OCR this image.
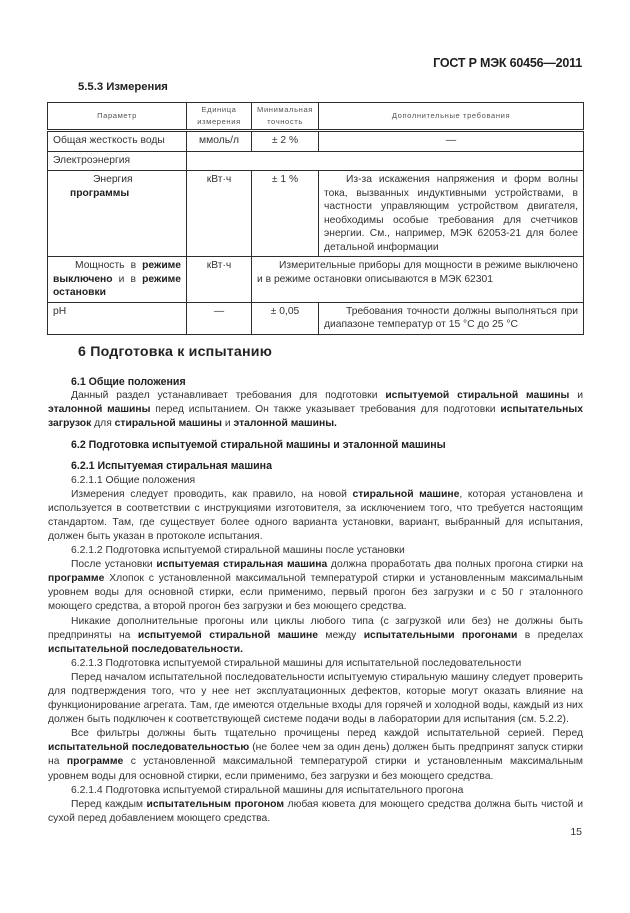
ГОСТ Р МЭК 60456—2011
5.5.3 Измерения
Параметр	Единица измерения	Минимальная точность	Дополнительные требования
Общая жесткость воды	ммоль/л	± 2 %	—
Электроэнергия			
Энергия программы	кВт·ч	± 1 %	Из-за искажения напряжения и форм волны тока, вызванных индуктивными устройствами, в частности управляющим устройством двигателя, необходимы особые требования для счетчиков энергии. См., например, МЭК 62053-21 для более детальной информации
Мощность в режиме выключено и в режиме остановки	кВт·ч	Измерительные приборы для мощности в режиме выключено и в режиме остановки описываются в МЭК 62301	
pH	—	± 0,05	Требования точности должны выполняться при диапазоне температур от 15 °С до 25 °С
6 Подготовка к испытанию

6.1 Общие положения

Данный раздел устанавливает требования для подготовки испытуемой стиральной машины и эталонной машины перед испытанием. Он также указывает требования для подготовки испытательных загрузок для стиральной машины и эталонной машины.

6.2 Подготовка испытуемой стиральной машины и эталонной машины

6.2.1 Испытуемая стиральная машина

6.2.1.1 Общие положения

Измерения следует проводить, как правило, на новой стиральной машине, которая установлена и используется в соответствии с инструкциями изготовителя, за исключением того, что требуется настоящим стандартом. Там, где существует более одного варианта установки, вариант, выбранный для испытания, должен быть указан в протоколе испытания.

6.2.1.2 Подготовка испытуемой стиральной машины после установки

После установки испытуемая стиральная машина должна проработать два полных прогона стирки на программе Хлопок с установленной максимальной температурой стирки и установленным максимальным уровнем воды для основной стирки, если применимо, первый прогон без загрузки и с 50 г эталонного моющего средства, а второй прогон без загрузки и без моющего средства.

Никакие дополнительные прогоны или циклы любого типа (с загрузкой или без) не должны быть предприняты на испытуемой стиральной машине между испытательными прогонами в пределах испытательной последовательности.

6.2.1.3 Подготовка испытуемой стиральной машины для испытательной последовательности

Перед началом испытательной последовательности испытуемую стиральную машину следует проверить для подтверждения того, что у нее нет эксплуатационных дефектов, которые могут оказать влияние на функционирование агрегата. Там, где имеются отдельные входы для горячей и холодной воды, каждый из них должен быть подключен к соответствующей системе подачи воды в лаборатории для испытания (см. 5.2.2).

Все фильтры должны быть тщательно прочищены перед каждой испытательной серией. Перед испытательной последовательностью (не более чем за один день) должен быть предпринят запуск стирки на программе с установленной максимальной температурой стирки и установленным максимальным уровнем воды для основной стирки, если применимо, без загрузки и без моющего средства.

6.2.1.4 Подготовка испытуемой стиральной машины для испытательного прогона

Перед каждым испытательным прогоном любая кювета для моющего средства должна быть чистой и сухой перед добавлением моющего средства.

15
